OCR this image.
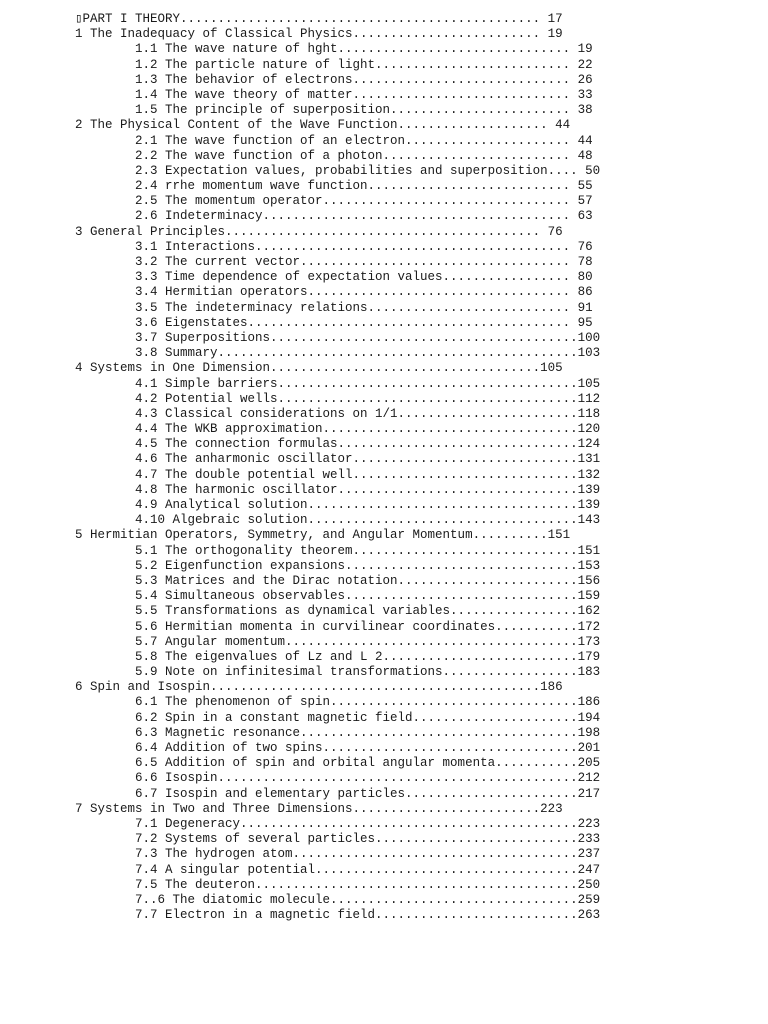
▯PART I THEORY................................................ 17
1 The Inadequacy of Classical Physics......................... 19
1.1 The wave nature of hght............................... 19
1.2 The particle nature of light.......................... 22
1.3 The behavior of electrons............................. 26
1.4 The wave theory of matter............................. 33
1.5 The principle of superposition........................ 38
2 The Physical Content of the Wave Function.................... 44
2.1 The wave function of an electron...................... 44
2.2 The wave function of a photon......................... 48
2.3 Expectation values, probabilities and superposition.... 50
2.4 rrhe momentum wave function........................... 55
2.5 The momentum operator................................. 57
2.6 Indeterminacy......................................... 63
3 General Principles.......................................... 76
3.1 Interactions.......................................... 76
3.2 The current vector.................................... 78
3.3 Time dependence of expectation values................. 80
3.4 Hermitian operators................................... 86
3.5 The indeterminacy relations........................... 91
3.6 Eigenstates........................................... 95
3.7 Superpositions.........................................100
3.8 Summary................................................103
4 Systems in One Dimension....................................105
4.1 Simple barriers........................................105
4.2 Potential wells........................................112
4.3 Classical considerations on 1/1........................118
4.4 The WKB approximation..................................120
4.5 The connection formulas................................124
4.6 The anharmonic oscillator..............................131
4.7 The double potential well..............................132
4.8 The harmonic oscillator................................139
4.9 Analytical solution....................................139
4.10 Algebraic solution....................................143
5 Hermitian Operators, Symmetry, and Angular Momentum..........151
5.1 The orthogonality theorem..............................151
5.2 Eigenfunction expansions...............................153
5.3 Matrices and the Dirac notation........................156
5.4 Simultaneous observables...............................159
5.5 Transformations as dynamical variables.................162
5.6 Hermitian momenta in curvilinear coordinates...........172
5.7 Angular momentum.......................................173
5.8 The eigenvalues of Lz and L 2..........................179
5.9 Note on infinitesimal transformations..................183
6 Spin and Isospin............................................186
6.1 The phenomenon of spin.................................186
6.2 Spin in a constant magnetic field......................194
6.3 Magnetic resonance.....................................198
6.4 Addition of two spins..................................201
6.5 Addition of spin and orbital angular momenta...........205
6.6 Isospin................................................212
6.7 Isospin and elementary particles.......................217
7 Systems in Two and Three Dimensions.........................223
7.1 Degeneracy.............................................223
7.2 Systems of several particles...........................233
7.3 The hydrogen atom......................................237
7.4 A singular potential...................................247
7.5 The deuteron...........................................250
7..6 The diatomic molecule.................................259
7.7 Electron in a magnetic field...........................263
